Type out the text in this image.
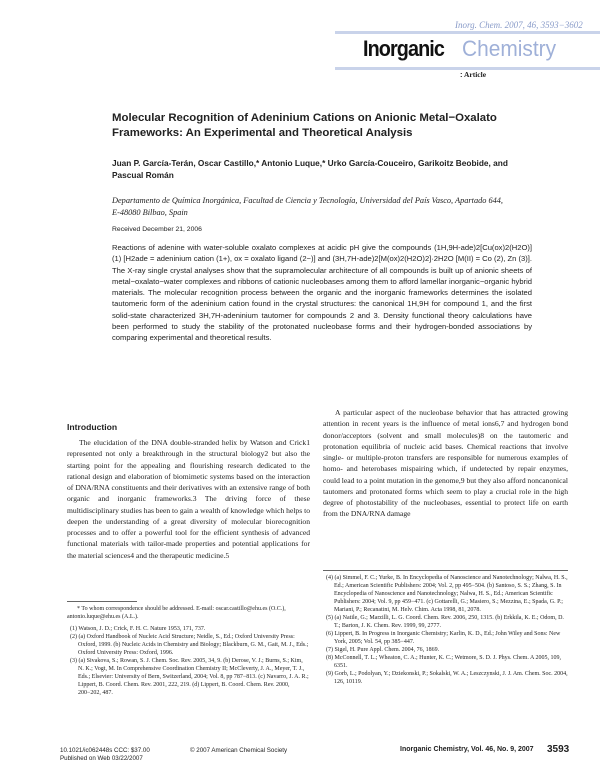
Inorg. Chem. 2007, 46, 3593−3602
Inorganic Chemistry
: Article
Molecular Recognition of Adeninium Cations on Anionic Metal−Oxalato Frameworks: An Experimental and Theoretical Analysis
Juan P. García-Terán, Oscar Castillo,* Antonio Luque,* Urko García-Couceiro, Garikoitz Beobide, and Pascual Román
Departamento de Química Inorgánica, Facultad de Ciencia y Tecnología, Universidad del País Vasco, Apartado 644, E-48080 Bilbao, Spain
Received December 21, 2006
Reactions of adenine with water-soluble oxalato complexes at acidic pH give the compounds (1H,9H-ade)2[Cu(ox)2(H2O)] (1) [H2ade = adeninium cation (1+), ox = oxalato ligand (2−)] and (3H,7H-ade)2[M(ox)2(H2O)2]·2H2O [M(II) = Co (2), Zn (3)]. The X-ray single crystal analyses show that the supramolecular architecture of all compounds is built up of anionic sheets of metal−oxalato−water complexes and ribbons of cationic nucleobases among them to afford lamellar inorganic−organic hybrid materials. The molecular recognition process between the organic and the inorganic frameworks determines the isolated tautomeric form of the adeninium cation found in the crystal structures: the canonical 1H,9H for compound 1, and the first solid-state characterized 3H,7H-adeninium tautomer for compounds 2 and 3. Density functional theory calculations have been performed to study the stability of the protonated nucleobase forms and their hydrogen-bonded associations by comparing experimental and theoretical results.
Introduction
The elucidation of the DNA double-stranded helix by Watson and Crick1 represented not only a breakthrough in the structural biology2 but also the starting point for the appealing and flourishing research dedicated to the rational design and elaboration of biomimetic systems based on the interaction of DNA/RNA constituents and their derivatives with an extensive range of both organic and inorganic frameworks.3 The driving force of these multidisciplinary studies has been to gain a wealth of knowledge which helps to deepen the understanding of a great diversity of molecular biorecognition processes and to offer a powerful tool for the efficient synthesis of advanced functional materials with tailor-made properties and potential applications for the material sciences4 and the therapeutic medicine.5
A particular aspect of the nucleobase behavior that has attracted growing attention in recent years is the influence of metal ions6,7 and hydrogen bond donor/acceptors (solvent and small molecules)8 on the tautomeric and protonation equilibria of nucleic acid bases. Chemical reactions that involve single- or multiple-proton transfers are responsible for numerous examples of homo- and heterobases mispairing which, if undetected by repair enzymes, could lead to a point mutation in the genome,9 but they also afford noncanonical tautomers and protonated forms which seem to play a crucial role in the high degree of photostability of the nucleobases, essential to protect life on earth from the DNA/RNA damage
* To whom correspondence should be addressed. E-mail: oscar.castillo@ehu.es (O.C.), antonio.luque@ehu.es (A.L.).

(1) Watson, J. D.; Crick, F. H. C. Nature 1953, 171, 737.

(2) (a) Oxford Handbook of Nucleic Acid Structure; Neidle, S., Ed.; Oxford University Press: Oxford, 1999. (b) Nucleic Acids in Chemistry and Biology; Blackburn, G. M., Gait, M. J., Eds.; Oxford University Press: Oxford, 1996.

(3) (a) Sivakova, S.; Rowan, S. J. Chem. Soc. Rev. 2005, 34, 9. (b) Derose, V. J.; Burns, S.; Kim, N. K.; Vogt, M. In Comprehensive Coordination Chemistry II; McCleverty, J. A., Meyer, T. J., Eds.; Elsevier: University of Bern, Switzerland, 2004; Vol. 8, pp 787−813. (c) Navarro, J. A. R.; Lippert, B. Coord. Chem. Rev. 2001, 222, 219. (d) Lippert, B. Coord. Chem. Rev. 2000, 200−202, 487.

(4) (a) Simmel, F. C.; Yurke, B. In Encyclopedia of Nanoscience and Nanotechnology; Nalwa, H. S., Ed.; American Scientific Publishers: 2004; Vol. 2, pp 495−504. (b) Santoso, S. S.; Zhang, S. In Encyclopedia of Nanoscience and Nanotechnology; Nalwa, H. S., Ed.; American Scientific Publishers: 2004; Vol. 9, pp 459−471. (c) Gottarelli, G.; Masiero, S.; Mezzina, E.; Spada, G. P.; Mariani, P.; Recanatini, M. Helv. Chim. Acta 1998, 81, 2078.

(5) (a) Natile, G.; Marzilli, L. G. Coord. Chem. Rev. 2006, 250, 1315. (b) Erkkila, K. E.; Odom, D. T.; Barton, J. K. Chem. Rev. 1999, 99, 2777.

(6) Lippert, B. In Progress in Inorganic Chemistry; Karlin, K. D., Ed.; John Wiley and Sons: New York, 2005; Vol. 54, pp 385−447.

(7) Sigel, H. Pure Appl. Chem. 2004, 76, 1869.

(8) McConnell, T. L.; Wheaton, C. A.; Hunter, K. C.; Wetmore, S. D. J. Phys. Chem. A 2005, 109, 6351.

(9) Gorb, L.; Podolyan, Y.; Dziekonski, P.; Sokalski, W. A.; Leszczynski, J. J. Am. Chem. Soc. 2004, 126, 10119.

10.1021/ic062448s CCC: $37.00
Published on Web 03/22/2007
© 2007 American Chemical Society	Inorganic Chemistry, Vol. 46, No. 9, 2007 3593
